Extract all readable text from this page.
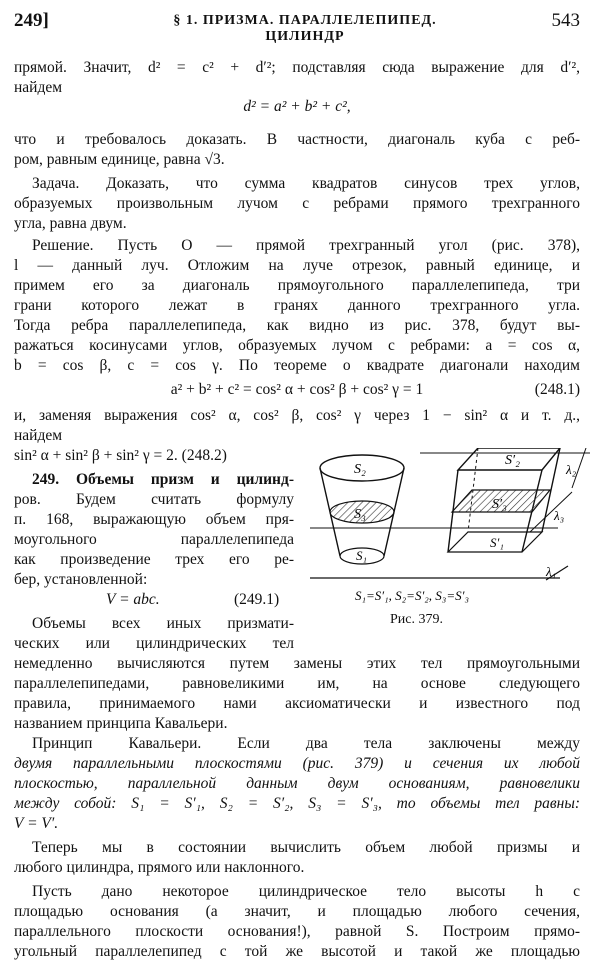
249]	§ 1. ПРИЗМА. ПАРАЛЛЕЛЕПИПЕД. ЦИЛИНДР
543
прямой. Значит, d² = c² + d′²; подставляя сюда выражение для d′²,
найдем
d² = a² + b² + c²,
что и требовалось доказать. В частности, диагональ куба с реб-
ром, равным единице, равна √3.
Задача. Доказать, что сумма квадратов синусов трех углов,
образуемых произвольным лучом с ребрами прямого трехгранного
угла, равна двум.
Решение. Пусть O — прямой трехгранный угол (рис. 378),
l — данный луч. Отложим на луче отрезок, равный единице, и
примем его за диагональ прямоугольного параллелепипеда, три
грани которого лежат в гранях данного трехгранного угла.
Тогда ребра параллелепипеда, как видно из рис. 378, будут вы-
ражаться косинусами углов, образуемых лучом с ребрами: a = cos α,
b = cos β, c = cos γ. По теореме о квадрате диагонали находим
a² + b² + c² = cos² α + cos² β + cos² γ = 1	(248.1)
и, заменяя выражения cos² α, cos² β, cos² γ через 1 − sin² α и т. д.,
найдем
sin² α + sin² β + sin² γ = 2. (248.2)
249. Объемы призм и цилинд-
ров. Будем считать формулу
п. 168, выражающую объем пря-
моугольного параллелепипеда
как произведение трех его ре-
бер, установленной:
V = abc.	(249.1)
Объемы всех иных призмати-
ческих или цилиндрических тел
немедленно вычисляются путем замены этих тел прямоугольными
параллелепипедами, равновеликими им, на основе следующего
правила, принимаемого нами аксиоматически и известного под
названием принципа Кавальери.
Принцип Кавальери. Если два тела заключены между
двумя параллельными плоскостями (рис. 379) и сечения их любой
плоскостью, параллельной данным двум основаниям, равновелики
между собой: S₁ = S′₁, S₂ = S′₂, S₃ = S′₃, то объемы тел равны:
V = V′.
Теперь мы в состоянии вычислить объем любой призмы и
любого цилиндра, прямого или наклонного.
Пусть дано некоторое цилиндрическое тело высоты h с
площадью основания (а значит, и площадью любого сечения,
параллельного плоскости основания!), равной S. Построим прямо-
угольный параллелепипед с той же высотой и такой же площадью
S₂
S₃
S₁
S′₂
S′₃
S′₁
λ₁
λ₂
λ₃
S₁=S′₁, S₂=S′₂, S₃=S′₃
Рис. 379.
